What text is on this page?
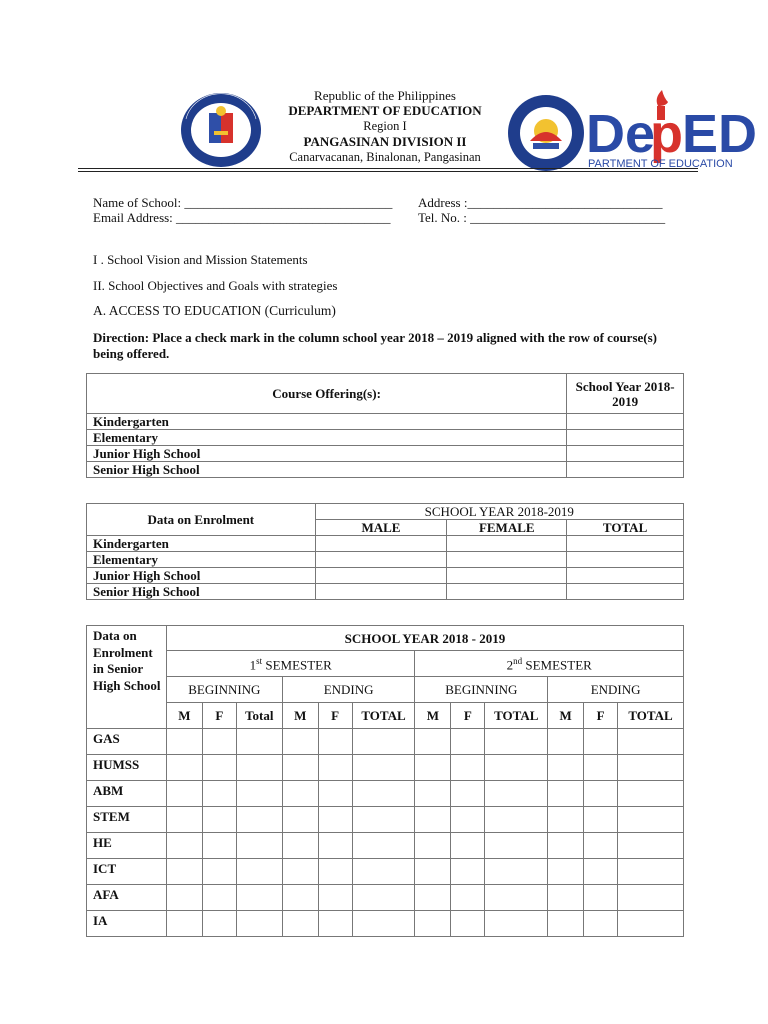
Republic of the Philippines
DEPARTMENT OF EDUCATION
Region I
PANGASINAN DIVISION II
Canarvacanan, Binalonan, Pangasinan	De
p ED
PARTMENT OF EDUCATION
Name of School: ________________________________ Address :______________________________
Email Address: _________________________________ Tel. No. : ______________________________
I . School Vision and Mission Statements
II. School Objectives and Goals with strategies
A. ACCESS TO EDUCATION (Curriculum)
Direction: Place a check mark in the column school year 2018 – 2019 aligned with the row of course(s) being offered.
Course Offering(s):	School Year 2018-2019
Kindergarten	
Elementary	
Junior High School	
Senior High School	
Data on Enrolment	SCHOOL YEAR 2018-2019		
	MALE	FEMALE	TOTAL
Kindergarten			
Elementary			
Junior High School			
Senior High School			
Data on Enrolment in Senior High School	SCHOOL YEAR 2018 - 2019											
	1st SEMESTER						2nd SEMESTER					
	BEGINNING			ENDING			BEGINNING			ENDING		
	M	F	Total	M	F	TOTAL	M	F	TOTAL	M	F	TOTAL
GAS												
HUMSS												
ABM												
STEM												
HE												
ICT												
AFA												
IA												
